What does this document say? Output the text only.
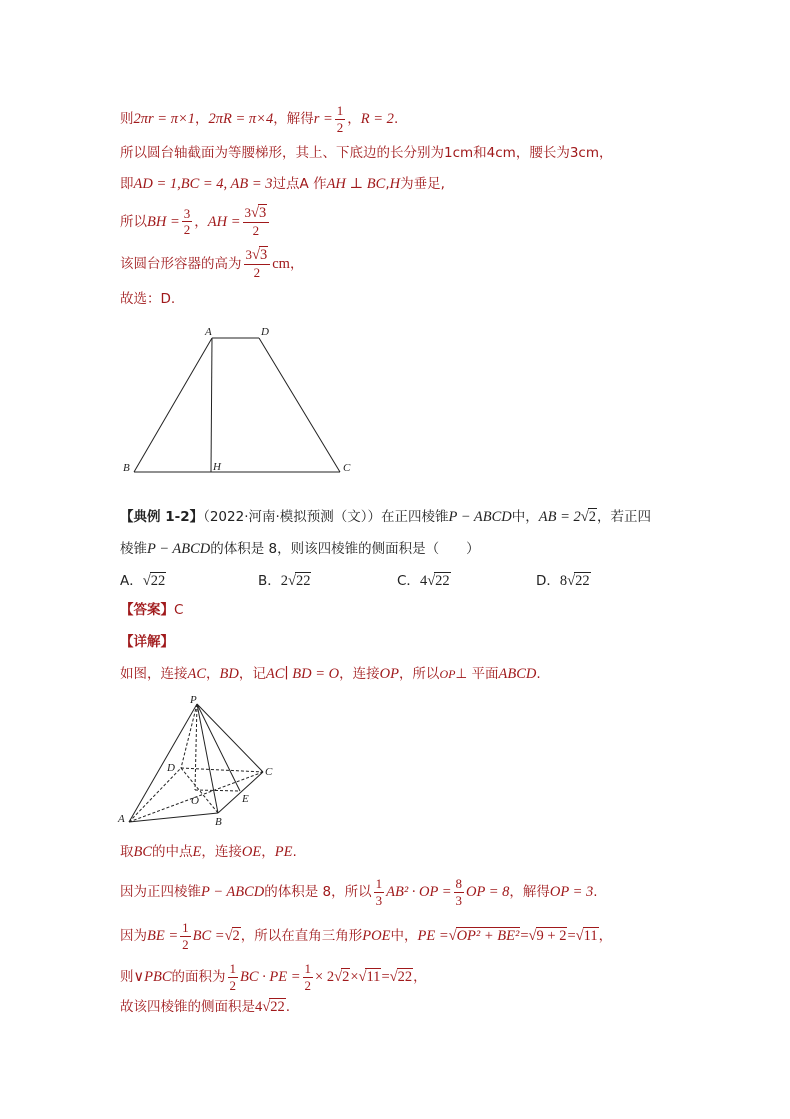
则2πr = π×1，2πR = π×4，解得$r = \frac{1}{2}$ ，R = 2.
所以圆台轴截面为等腰梯形，其上、下底边的长分别为1cm和4cm，腰长为3cm，
即AD = 1,BC = 4, AB = 3过点A 作AH ⊥ BC,H为垂足,
所以BH = $\frac{3}{2}$ ，AH = $\frac{3√3}{2}$
该圆台形容器的高为 $\frac{3√3}{2}$ cm，
故选：D.
A	D
B	H	C
【典例 1-2】（2022·河南·模拟预测（文））在正四棱锥P − ABCD中，AB = 2√2，若正四
棱锥P − ABCD的体积是 8，则该四棱锥的侧面积是（　　）
A．√22	B．2√22	C．4√22	D．8√22
【答案】C
【详解】
如图，连接AC，BD，记AC∣ BD = O，连接OP，所以OP⊥ 平面ABCD.
P
D	C
A
O	E
B
取BC的中点E，连接OE，PE.
因为正四棱锥P − ABCD的体积是 8，所以 $\frac{1}{3} AB^2$ · OP = $\frac{8}{3}$ OP = 8，解得OP = 3.
因为BE = $\frac{1}{2}$ BC =√2，所以在直角三角形POE中，PE =√OP² + BE²=√9 + 2=√11，
则∨PBC的面积为 $\frac{1}{2}$ BC · PE = $\frac{1}{2} \times 2√2\times√11=√22$，
故该四棱锥的侧面积是4√22.
